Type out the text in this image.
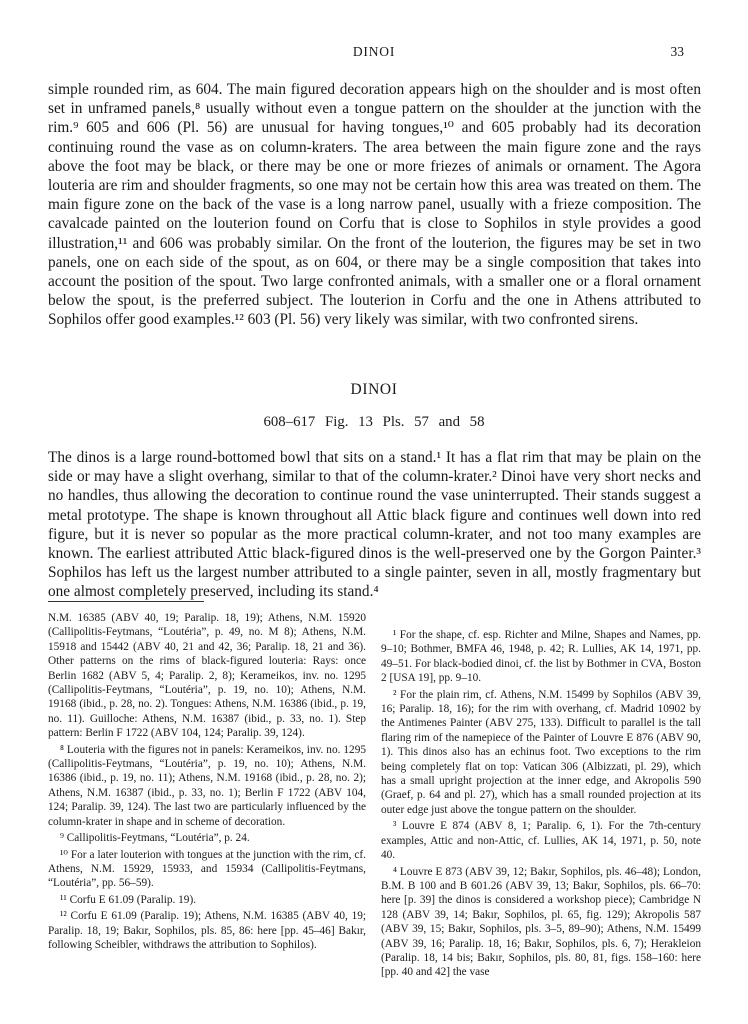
DINOI	33

simple rounded rim, as 604. The main figured decoration appears high on the shoulder and is most often set in unframed panels,⁸ usually without even a tongue pattern on the shoulder at the junction with the rim.⁹ 605 and 606 (Pl. 56) are unusual for having tongues,¹⁰ and 605 probably had its decoration continuing round the vase as on column-kraters. The area between the main figure zone and the rays above the foot may be black, or there may be one or more friezes of animals or ornament. The Agora louteria are rim and shoulder fragments, so one may not be certain how this area was treated on them. The main figure zone on the back of the vase is a long narrow panel, usually with a frieze composition. The cavalcade painted on the louterion found on Corfu that is close to Sophilos in style provides a good illustration,¹¹ and 606 was probably similar. On the front of the louterion, the figures may be set in two panels, one on each side of the spout, as on 604, or there may be a single composition that takes into account the position of the spout. Two large confronted animals, with a smaller one or a floral ornament below the spout, is the preferred subject. The louterion in Corfu and the one in Athens attributed to Sophilos offer good examples.¹² 603 (Pl. 56) very likely was similar, with two confronted sirens.

DINOI
608–617 Fig. 13 Pls. 57 and 58

The dinos is a large round-bottomed bowl that sits on a stand.¹ It has a flat rim that may be plain on the side or may have a slight overhang, similar to that of the column-krater.² Dinoi have very short necks and no handles, thus allowing the decoration to continue round the vase uninterrupted. Their stands suggest a metal prototype. The shape is known throughout all Attic black figure and continues well down into red figure, but it is never so popular as the more practical column-krater, and not too many examples are known. The earliest attributed Attic black-figured dinos is the well-preserved one by the Gorgon Painter.³ Sophilos has left us the largest number attributed to a single painter, seven in all, mostly fragmentary but one almost completely preserved, including its stand.⁴

N.M. 16385 (ABV 40, 19; Paralip. 18, 19); Athens, N.M. 15920 (Callipolitis-Feytmans, “Loutéria”, p. 49, no. M 8); Athens, N.M. 15918 and 15442 (ABV 40, 21 and 42, 36; Paralip. 18, 21 and 36). Other patterns on the rims of black-figured louteria: Rays: once Berlin 1682 (ABV 5, 4; Paralip. 2, 8); Kerameikos, inv. no. 1295 (Callipolitis-Feytmans, “Loutéria”, p. 19, no. 10); Athens, N.M. 19168 (ibid., p. 28, no. 2). Tongues: Athens, N.M. 16386 (ibid., p. 19, no. 11). Guilloche: Athens, N.M. 16387 (ibid., p. 33, no. 1). Step pattern: Berlin F 1722 (ABV 104, 124; Paralip. 39, 124).

⁸ Louteria with the figures not in panels: Kerameikos, inv. no. 1295 (Callipolitis-Feytmans, “Loutéria”, p. 19, no. 10); Athens, N.M. 16386 (ibid., p. 19, no. 11); Athens, N.M. 19168 (ibid., p. 28, no. 2); Athens, N.M. 16387 (ibid., p. 33, no. 1); Berlin F 1722 (ABV 104, 124; Paralip. 39, 124). The last two are particularly influenced by the column-krater in shape and in scheme of decoration.

⁹ Callipolitis-Feytmans, “Loutéria”, p. 24.

¹⁰ For a later louterion with tongues at the junction with the rim, cf. Athens, N.M. 15929, 15933, and 15934 (Callipolitis-Feytmans, “Loutéria”, pp. 56–59).

¹¹ Corfu E 61.09 (Paralip. 19).

¹² Corfu E 61.09 (Paralip. 19); Athens, N.M. 16385 (ABV 40, 19; Paralip. 18, 19; Bakır, Sophilos, pls. 85, 86: here [pp. 45–46] Bakır, following Scheibler, withdraws the attribution to Sophilos).

¹ For the shape, cf. esp. Richter and Milne, Shapes and Names, pp. 9–10; Bothmer, BMFA 46, 1948, p. 42; R. Lullies, AK 14, 1971, pp. 49–51. For black-bodied dinoi, cf. the list by Bothmer in CVA, Boston 2 [USA 19], pp. 9–10.

² For the plain rim, cf. Athens, N.M. 15499 by Sophilos (ABV 39, 16; Paralip. 18, 16); for the rim with overhang, cf. Madrid 10902 by the Antimenes Painter (ABV 275, 133). Difficult to parallel is the tall flaring rim of the namepiece of the Painter of Louvre E 876 (ABV 90, 1). This dinos also has an echinus foot. Two exceptions to the rim being completely flat on top: Vatican 306 (Albizzati, pl. 29), which has a small upright projection at the inner edge, and Akropolis 590 (Graef, p. 64 and pl. 27), which has a small rounded projection at its outer edge just above the tongue pattern on the shoulder.

³ Louvre E 874 (ABV 8, 1; Paralip. 6, 1). For the 7th-century examples, Attic and non-Attic, cf. Lullies, AK 14, 1971, p. 50, note 40.

⁴ Louvre E 873 (ABV 39, 12; Bakır, Sophilos, pls. 46–48); London, B.M. B 100 and B 601.26 (ABV 39, 13; Bakır, Sophilos, pls. 66–70: here [p. 39] the dinos is considered a workshop piece); Cambridge N 128 (ABV 39, 14; Bakır, Sophilos, pl. 65, fig. 129); Akropolis 587 (ABV 39, 15; Bakır, Sophilos, pls. 3–5, 89–90); Athens, N.M. 15499 (ABV 39, 16; Paralip. 18, 16; Bakır, Sophilos, pls. 6, 7); Herakleion (Paralip. 18, 14 bis; Bakır, Sophilos, pls. 80, 81, figs. 158–160: here [pp. 40 and 42] the vase
